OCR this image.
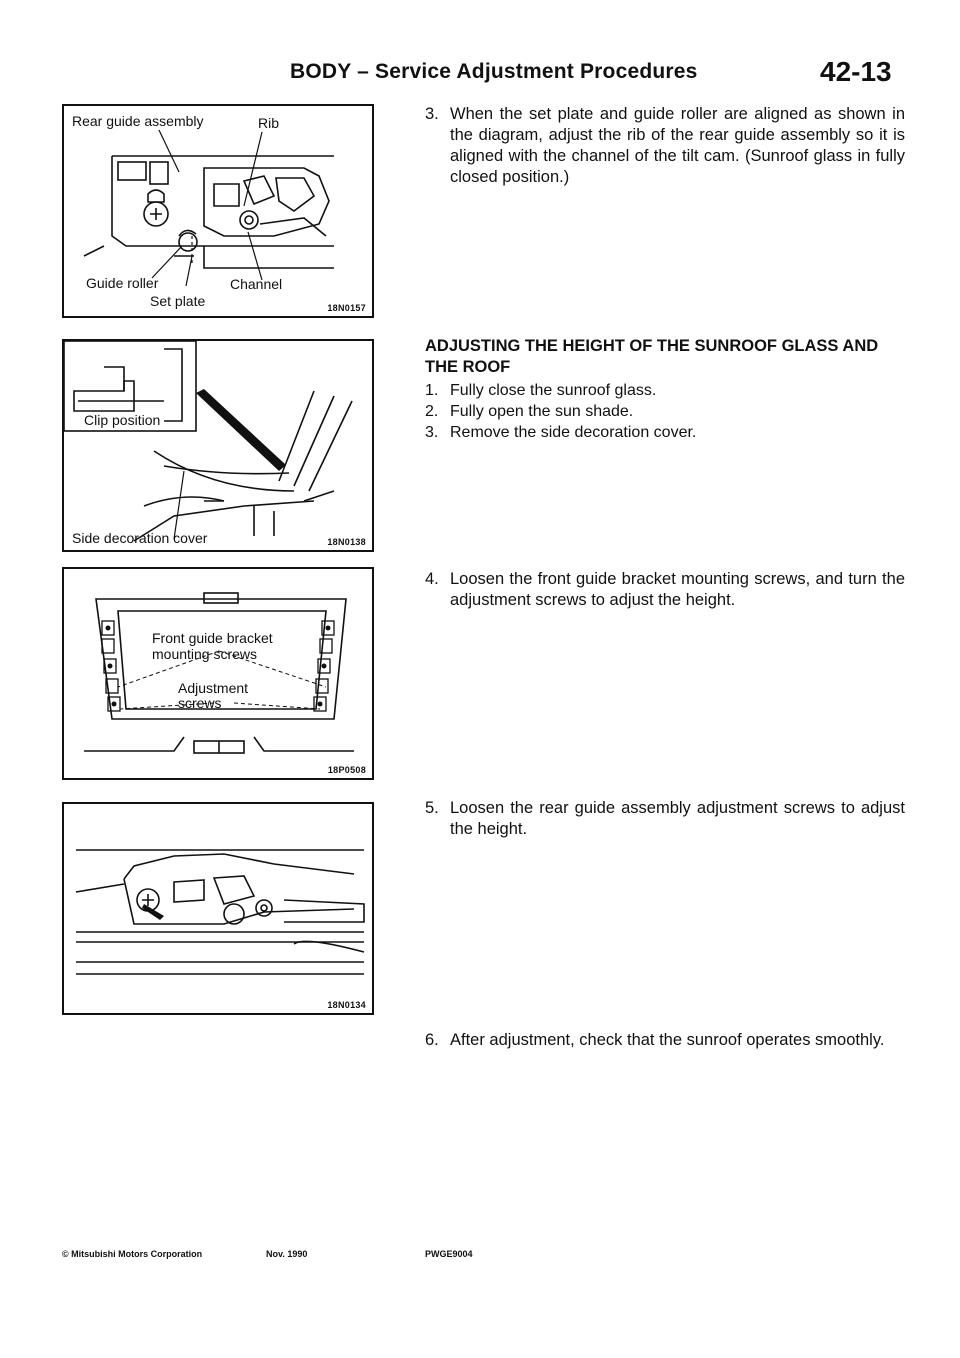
BODY – Service Adjustment Procedures	42-13
Rear guide assembly	Rib
Guide roller	Channel
Set plate	18N0157
Clip position
Side decoration cover	18N0138
Front guide bracket
mounting screws
Adjustment
screws
18P0508
18N0134
3. When the set plate and guide roller are aligned as shown in the diagram, adjust the rib of the rear guide assembly so it is aligned with the channel of the tilt cam. (Sunroof glass in fully closed position.)
ADJUSTING THE HEIGHT OF THE SUNROOF GLASS AND THE ROOF
1. Fully close the sunroof glass.
2. Fully open the sun shade.
3. Remove the side decoration cover.
4. Loosen the front guide bracket mounting screws, and turn the adjustment screws to adjust the height.
5. Loosen the rear guide assembly adjustment screws to adjust the height.
6. After adjustment, check that the sunroof operates smoothly.
© Mitsubishi Motors Corporation	Nov. 1990	PWGE9004
